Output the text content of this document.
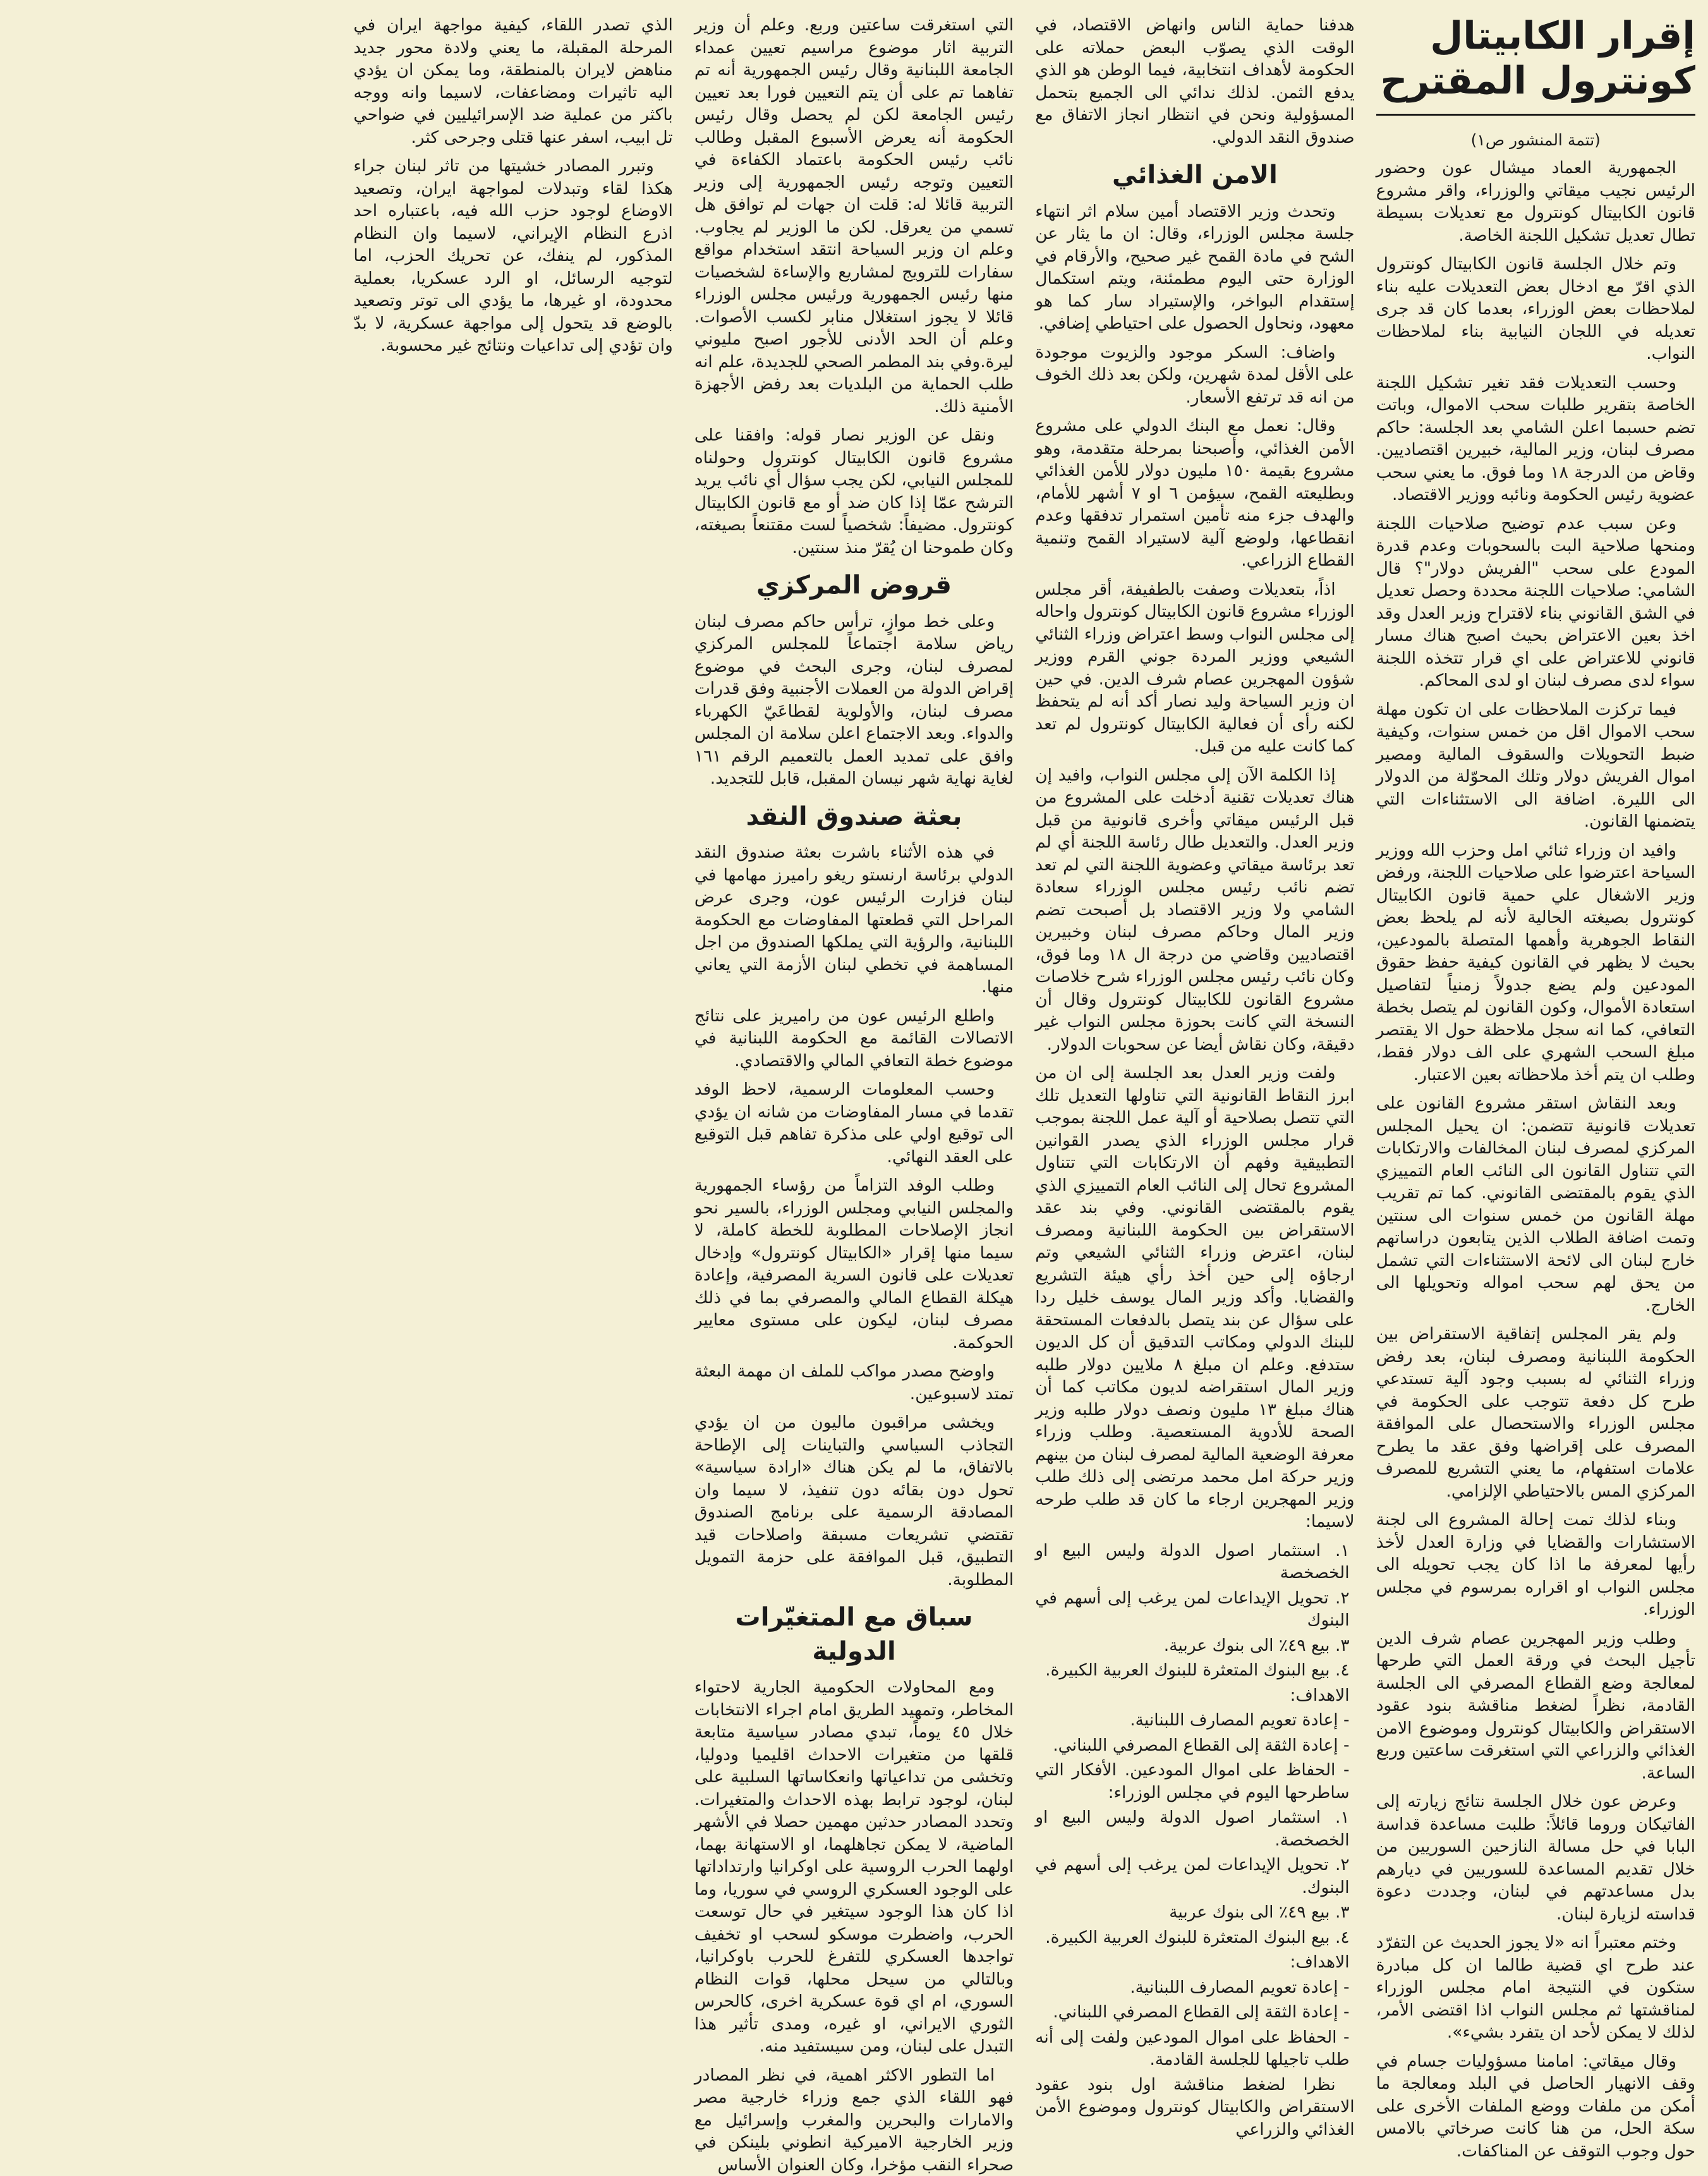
إقرار الكابيتال كونترول المقترح
(تتمة المنشور ص١)

الجمهورية العماد ميشال عون وحضور الرئيس نجيب ميقاتي والوزراء، واقر مشروع قانون الكابيتال كونترول مع تعديلات بسيطة تطال تعديل تشكيل اللجنة الخاصة.

وتم خلال الجلسة قانون الكابيتال كونترول الذي اقرّ مع ادخال بعض التعديلات عليه بناء لملاحظات بعض الوزراء، بعدما كان قد جرى تعديله في اللجان النيابية بناء لملاحظات النواب.

وحسب التعديلات فقد تغير تشكيل اللجنة الخاصة بتقرير طلبات سحب الاموال، وباتت تضم حسبما اعلن الشامي بعد الجلسة: حاكم مصرف لبنان، وزير المالية، خبيرين اقتصاديين. وقاض من الدرجة ١٨ وما فوق. ما يعني سحب عضوية رئيس الحكومة ونائبه ووزير الاقتصاد.

وعن سبب عدم توضيح صلاحيات اللجنة ومنحها صلاحية البت بالسحوبات وعدم قدرة المودع على سحب "الفريش دولار"؟ قال الشامي: صلاحيات اللجنة محددة وحصل تعديل في الشق القانوني بناء لاقتراح وزير العدل وقد اخذ بعين الاعتراض بحيث اصبح هناك مسار قانوني للاعتراض على اي قرار تتخذه اللجنة سواء لدى مصرف لبنان او لدى المحاكم.

فيما تركزت الملاحظات على ان تكون مهلة سحب الاموال اقل من خمس سنوات، وكيفية ضبط التحويلات والسقوف المالية ومصير اموال الفريش دولار وتلك المحوّلة من الدولار الى الليرة. اضافة الى الاستثناءات التي يتضمنها القانون.

وافيد ان وزراء ثنائي امل وحزب الله ووزير السياحة اعترضوا على صلاحيات اللجنة، ورفض وزير الاشغال علي حمية قانون الكابيتال كونترول بصيغته الحالية لأنه لم يلحظ بعض النقاط الجوهرية وأهمها المتصلة بالمودعين، بحيث لا يظهر في القانون كيفية حفظ حقوق المودعين ولم يضع جدولاً زمنياً لتفاصيل استعادة الأموال، وكون القانون لم يتصل بخطة التعافي، كما انه سجل ملاحظة حول الا يقتصر مبلغ السحب الشهري على الف دولار فقط، وطلب ان يتم أخذ ملاحظاته بعين الاعتبار.

وبعد النقاش استقر مشروع القانون على تعديلات قانونية تتضمن: ان يحيل المجلس المركزي لمصرف لبنان المخالفات والارتكابات التي تتناول القانون الى النائب العام التمييزي الذي يقوم بالمقتضى القانوني. كما تم تقريب مهلة القانون من خمس سنوات الى سنتين وتمت اضافة الطلاب الذين يتابعون دراساتهم خارج لبنان الى لائحة الاستثناءات التي تشمل من يحق لهم سحب امواله وتحويلها الى الخارج.

ولم يقر المجلس إتفاقية الاستقراض بين الحكومة اللبنانية ومصرف لبنان، بعد رفض وزراء الثنائي له بسبب وجود آلية تستدعي طرح كل دفعة تتوجب على الحكومة في مجلس الوزراء والاستحصال على الموافقة المصرف على إقراضها وفق عقد ما يطرح علامات استفهام، ما يعني التشريع للمصرف المركزي المس بالاحتياطي الإلزامي.

وبناء لذلك تمت إحالة المشروع الى لجنة الاستشارات والقضايا في وزارة العدل لأخذ رأيها لمعرفة ما اذا كان يجب تحويله الى مجلس النواب او اقراره بمرسوم في مجلس الوزراء.

وطلب وزير المهجرين عصام شرف الدين تأجيل البحث في ورقة العمل التي طرحها لمعالجة وضع القطاع المصرفي الى الجلسة القادمة، نظراً لضغط مناقشة بنود عقود الاستقراض والكابيتال كونترول وموضوع الامن الغذائي والزراعي التي استغرقت ساعتين وربع الساعة.

وعرض عون خلال الجلسة نتائج زيارته إلى الفاتيكان وروما قائلاً: طلبت مساعدة قداسة البابا في حل مسالة النازحين السوريين من خلال تقديم المساعدة للسوريين في ديارهم بدل مساعدتهم في لبنان، وجددت دعوة قداسته لزيارة لبنان.

وختم معتبراً انه «لا يجوز الحديث عن التفرّد عند طرح اي قضية طالما ان كل مبادرة ستكون في النتيجة امام مجلس الوزراء لمناقشتها ثم مجلس النواب اذا اقتضى الأمر، لذلك لا يمكن لأحد ان يتفرد بشيء».

وقال ميقاتي: امامنا مسؤوليات جسام في وقف الانهيار الحاصل في البلد ومعالجة ما أمكن من ملفات ووضع الملفات الأخرى على سكة الحل، من هنا كانت صرخاتي بالامس حول وجوب التوقف عن المناكفات.

هدفنا حماية الناس وانهاض الاقتصاد، في الوقت الذي يصوّب البعض حملاته على الحكومة لأهداف انتخابية، فيما الوطن هو الذي يدفع الثمن. لذلك ندائي الى الجميع بتحمل المسؤولية ونحن في انتظار انجاز الاتفاق مع صندوق النقد الدولي.

الامن الغذائي

وتحدث وزير الاقتصاد أمين سلام اثر انتهاء جلسة مجلس الوزراء، وقال: ان ما يثار عن الشح في مادة القمح غير صحيح، والأرقام في الوزارة حتى اليوم مطمئنة، ويتم استكمال إستقدام البواخر، والإستيراد سار كما هو معهود، ونحاول الحصول على احتياطي إضافي.

واضاف: السكر موجود والزيوت موجودة على الأقل لمدة شهرين، ولكن بعد ذلك الخوف من انه قد ترتفع الأسعار.

وقال: نعمل مع البنك الدولي على مشروع الأمن الغذائي، وأصبحنا بمرحلة متقدمة، وهو مشروع بقيمة ١٥٠ مليون دولار للأمن الغذائي وبطليعته القمح، سيؤمن ٦ او ٧ أشهر للأمام، والهدف جزء منه تأمين استمرار تدفقها وعدم انقطاعها، ولوضع آلية لاستيراد القمح وتنمية القطاع الزراعي.

اذاً، بتعديلات وصفت بالطفيفة، أقر مجلس الوزراء مشروع قانون الكابيتال كونترول واحاله إلى مجلس النواب وسط اعتراض وزراء الثنائي الشيعي ووزير المردة جوني القرم ووزير شؤون المهجرين عصام شرف الدين. في حين ان وزير السياحة وليد نصار أكد أنه لم يتحفظ لكنه رأى أن فعالية الكابيتال كونترول لم تعد كما كانت عليه من قبل.

إذا الكلمة الآن إلى مجلس النواب، وافيد إن هناك تعديلات تقنية أدخلت على المشروع من قبل الرئيس ميقاتي وأخرى قانونية من قبل وزير العدل. والتعديل طال رئاسة اللجنة أي لم تعد برئاسة ميقاتي وعضوية اللجنة التي لم تعد تضم نائب رئيس مجلس الوزراء سعادة الشامي ولا وزير الاقتصاد بل أصبحت تضم وزير المال وحاكم مصرف لبنان وخبيرين اقتصاديين وقاضي من درجة ال ١٨ وما فوق، وكان نائب رئيس مجلس الوزراء شرح خلاصات مشروع القانون للكابيتال كونترول وقال أن النسخة التي كانت بحوزة مجلس النواب غير دقيقة، وكان نقاش أيضا عن سحوبات الدولار.

ولفت وزير العدل بعد الجلسة إلى ان من ابرز النقاط القانونية التي تناولها التعديل تلك التي تتصل بصلاحية أو آلية عمل اللجنة بموجب قرار مجلس الوزراء الذي يصدر القوانين التطبيقية وفهم أن الارتكابات التي تتناول المشروع تحال إلى النائب العام التمييزي الذي يقوم بالمقتضى القانوني. وفي بند عقد الاستقراض بين الحكومة اللبنانية ومصرف لبنان، اعترض وزراء الثنائي الشيعي وتم ارجاؤه إلى حين أخذ رأي هيئة التشريع والقضايا. وأكد وزير المال يوسف خليل ردا على سؤال عن بند يتصل بالدفعات المستحقة للبنك الدولي ومكاتب التدقيق أن كل الديون ستدفع. وعلم ان مبلغ ٨ ملايين دولار طلبه وزير المال استقراضه لديون مكاتب كما أن هناك مبلغ ١٣ مليون ونصف دولار طلبه وزير الصحة للأدوية المستعصية. وطلب وزراء معرفة الوضعية المالية لمصرف لبنان من بينهم وزير حركة امل محمد مرتضى إلى ذلك طلب وزير المهجرين ارجاء ما كان قد طلب طرحه لاسيما:

١. استثمار اصول الدولة وليس البيع او الخصخصة
٢. تحويل الإيداعات لمن يرغب إلى أسهم في البنوك
٣. بيع ٤٩٪ الى بنوك عربية.
٤. بيع البنوك المتعثرة للبنوك العربية الكبيرة.
الاهداف:
- إعادة تعويم المصارف اللبنانية.
- إعادة الثقة إلى القطاع المصرفي اللبناني.
- الحفاظ على اموال المودعين. الأفكار التي ساطرحها اليوم في مجلس الوزراء:
١. استثمار اصول الدولة وليس البيع او الخصخصة.
٢. تحويل الإيداعات لمن يرغب إلى أسهم في البنوك.
٣. بيع ٤٩٪ الى بنوك عربية
٤. بيع البنوك المتعثرة للبنوك العربية الكبيرة.
الاهداف:
- إعادة تعويم المصارف اللبنانية.
- إعادة الثقة إلى القطاع المصرفي اللبناني.
- الحفاظ على اموال المودعين ولفت إلى أنه طلب تاجيلها للجلسة القادمة.

نظرا لضغط مناقشة اول بنود عقود الاستقراض والكابيتال كونترول وموضوع الأمن الغذائي والزراعي

التي استغرقت ساعتين وربع. وعلم أن وزير التربية اثار موضوع مراسيم تعيين عمداء الجامعة اللبنانية وقال رئيس الجمهورية أنه تم تفاهما تم على أن يتم التعيين فورا بعد تعيين رئيس الجامعة لكن لم يحصل وقال رئيس الحكومة أنه يعرض الأسبوع المقبل وطالب نائب رئيس الحكومة باعتماد الكفاءة في التعيين وتوجه رئيس الجمهورية إلى وزير التربية قائلا له: قلت ان جهات لم توافق هل تسمي من يعرقل. لكن ما الوزير لم يجاوب. وعلم ان وزير السياحة انتقد استخدام مواقع سفارات للترويج لمشاريع والإساءة لشخصيات منها رئيس الجمهورية ورئيس مجلس الوزراء قائلا لا يجوز استغلال منابر لكسب الأصوات. وعلم أن الحد الأدنى للأجور اصبح مليوني ليرة.وفي بند المطمر الصحي للجديدة، علم انه طلب الحماية من البلديات بعد رفض الأجهزة الأمنية ذلك.

ونقل عن الوزير نصار قوله: وافقنا على مشروع قانون الكابيتال كونترول وحولناه للمجلس النيابي، لكن يجب سؤال أي نائب يريد الترشح عمّا إذا كان ضد أو مع قانون الكابيتال كونترول. مضيفاً: شخصياً لست مقتنعاً بصيغته، وكان طموحنا ان يُقرّ منذ سنتين.

قروض المركزي

وعلى خط موازٍ، ترأس حاكم مصرف لبنان رياض سلامة اجتماعاً للمجلس المركزي لمصرف لبنان، وجرى البحث في موضوع إقراض الدولة من العملات الأجنبية وفق قدرات مصرف لبنان، والأولوية لقطاعَيّ الكهرباء والدواء. وبعد الاجتماع اعلن سلامة ان المجلس وافق على تمديد العمل بالتعميم الرقم ١٦١ لغاية نهاية شهر نيسان المقبل، قابل للتجديد.

بعثة صندوق النقد

في هذه الأثناء باشرت بعثة صندوق النقد الدولي برئاسة ارنستو ريغو راميرز مهامها في لبنان فزارت الرئيس عون، وجرى عرض المراحل التي قطعتها المفاوضات مع الحكومة اللبنانية، والرؤية التي يملكها الصندوق من اجل المساهمة في تخطي لبنان الأزمة التي يعاني منها.

واطلع الرئيس عون من راميريز على نتائج الاتصالات القائمة مع الحكومة اللبنانية في موضوع خطة التعافي المالي والاقتصادي.

وحسب المعلومات الرسمية، لاحظ الوفد تقدما في مسار المفاوضات من شانه ان يؤدي الى توقيع اولي على مذكرة تفاهم قبل التوقيع على العقد النهائي.

وطلب الوفد التزاماً من رؤساء الجمهورية والمجلس النيابي ومجلس الوزراء، بالسير نحو انجاز الإصلاحات المطلوبة للخطة كاملة، لا سيما منها إقرار «الكابيتال كونترول» وإدخال تعديلات على قانون السرية المصرفية، وإعادة هيكلة القطاع المالي والمصرفي بما في ذلك مصرف لبنان، ليكون على مستوى معايير الحوكمة.

واوضح مصدر مواكب للملف ان مهمة البعثة تمتد لاسبوعين.

ويخشى مراقبون ماليون من ان يؤدي التجاذب السياسي والتباينات إلى الإطاحة بالاتفاق، ما لم يكن هناك «ارادة سياسية» تحول دون بقائه دون تنفيذ، لا سيما وان المصادقة الرسمية على برنامج الصندوق تقتضي تشريعات مسبقة واصلاحات قيد التطبيق، قبل الموافقة على حزمة التمويل المطلوبة.

سباق مع المتغيّرات الدولية

ومع المحاولات الحكومية الجارية لاحتواء المخاطر، وتمهيد الطريق امام اجراء الانتخابات خلال ٤٥ يوماً، تبدي مصادر سياسية متابعة قلقها من متغيرات الاحداث اقليميا ودوليا، وتخشى من تداعياتها وانعكاساتها السلبية على لبنان، لوجود ترابط بهذه الاحداث والمتغيرات. وتحدد المصادر حدثين مهمين حصلا في الأشهر الماضية، لا يمكن تجاهلهما، او الاستهانة بهما، اولهما الحرب الروسية على اوكرانيا وارتداداتها على الوجود العسكري الروسي في سوريا، وما اذا كان هذا الوجود سيتغير في حال توسعت الحرب، واضطرت موسكو لسحب او تخفيف تواجدها العسكري للتفرغ للحرب باوكرانيا، وبالتالي من سيحل محلها، قوات النظام السوري، ام اي قوة عسكرية اخرى، كالحرس الثوري الايراني، او غيره، ومدى تأثير هذا التبدل على لبنان، ومن سيستفيد منه.

اما التطور الاكثر اهمية، في نظر المصادر فهو اللقاء الذي جمع وزراء خارجية مصر والامارات والبحرين والمغرب وإسرائيل مع وزير الخارجية الاميركية انطوني بلينكن في صحراء النقب مؤخرا، وكان العنوان الأساس

الذي تصدر اللقاء، كيفية مواجهة ايران في المرحلة المقبلة، ما يعني ولادة محور جديد مناهض لايران بالمنطقة، وما يمكن ان يؤدي اليه تاثيرات ومضاعفات، لاسيما وانه ووجه باكثر من عملية ضد الإسرائيليين في ضواحي تل ابيب، اسفر عنها قتلى وجرحى كثر.

وتبرر المصادر خشيتها من تاثر لبنان جراء هكذا لقاء وتبدلات لمواجهة ايران، وتصعيد الاوضاع لوجود حزب الله فيه، باعتباره احد اذرع النظام الإيراني، لاسيما وان النظام المذكور، لم ينفك، عن تحريك الحزب، اما لتوجيه الرسائل، او الرد عسكريا، بعملية محدودة، او غيرها، ما يؤدي الى توتر وتصعيد بالوضع قد يتحول إلى مواجهة عسكرية، لا بدّ وان تؤدي إلى تداعيات ونتائج غير محسوبة.
